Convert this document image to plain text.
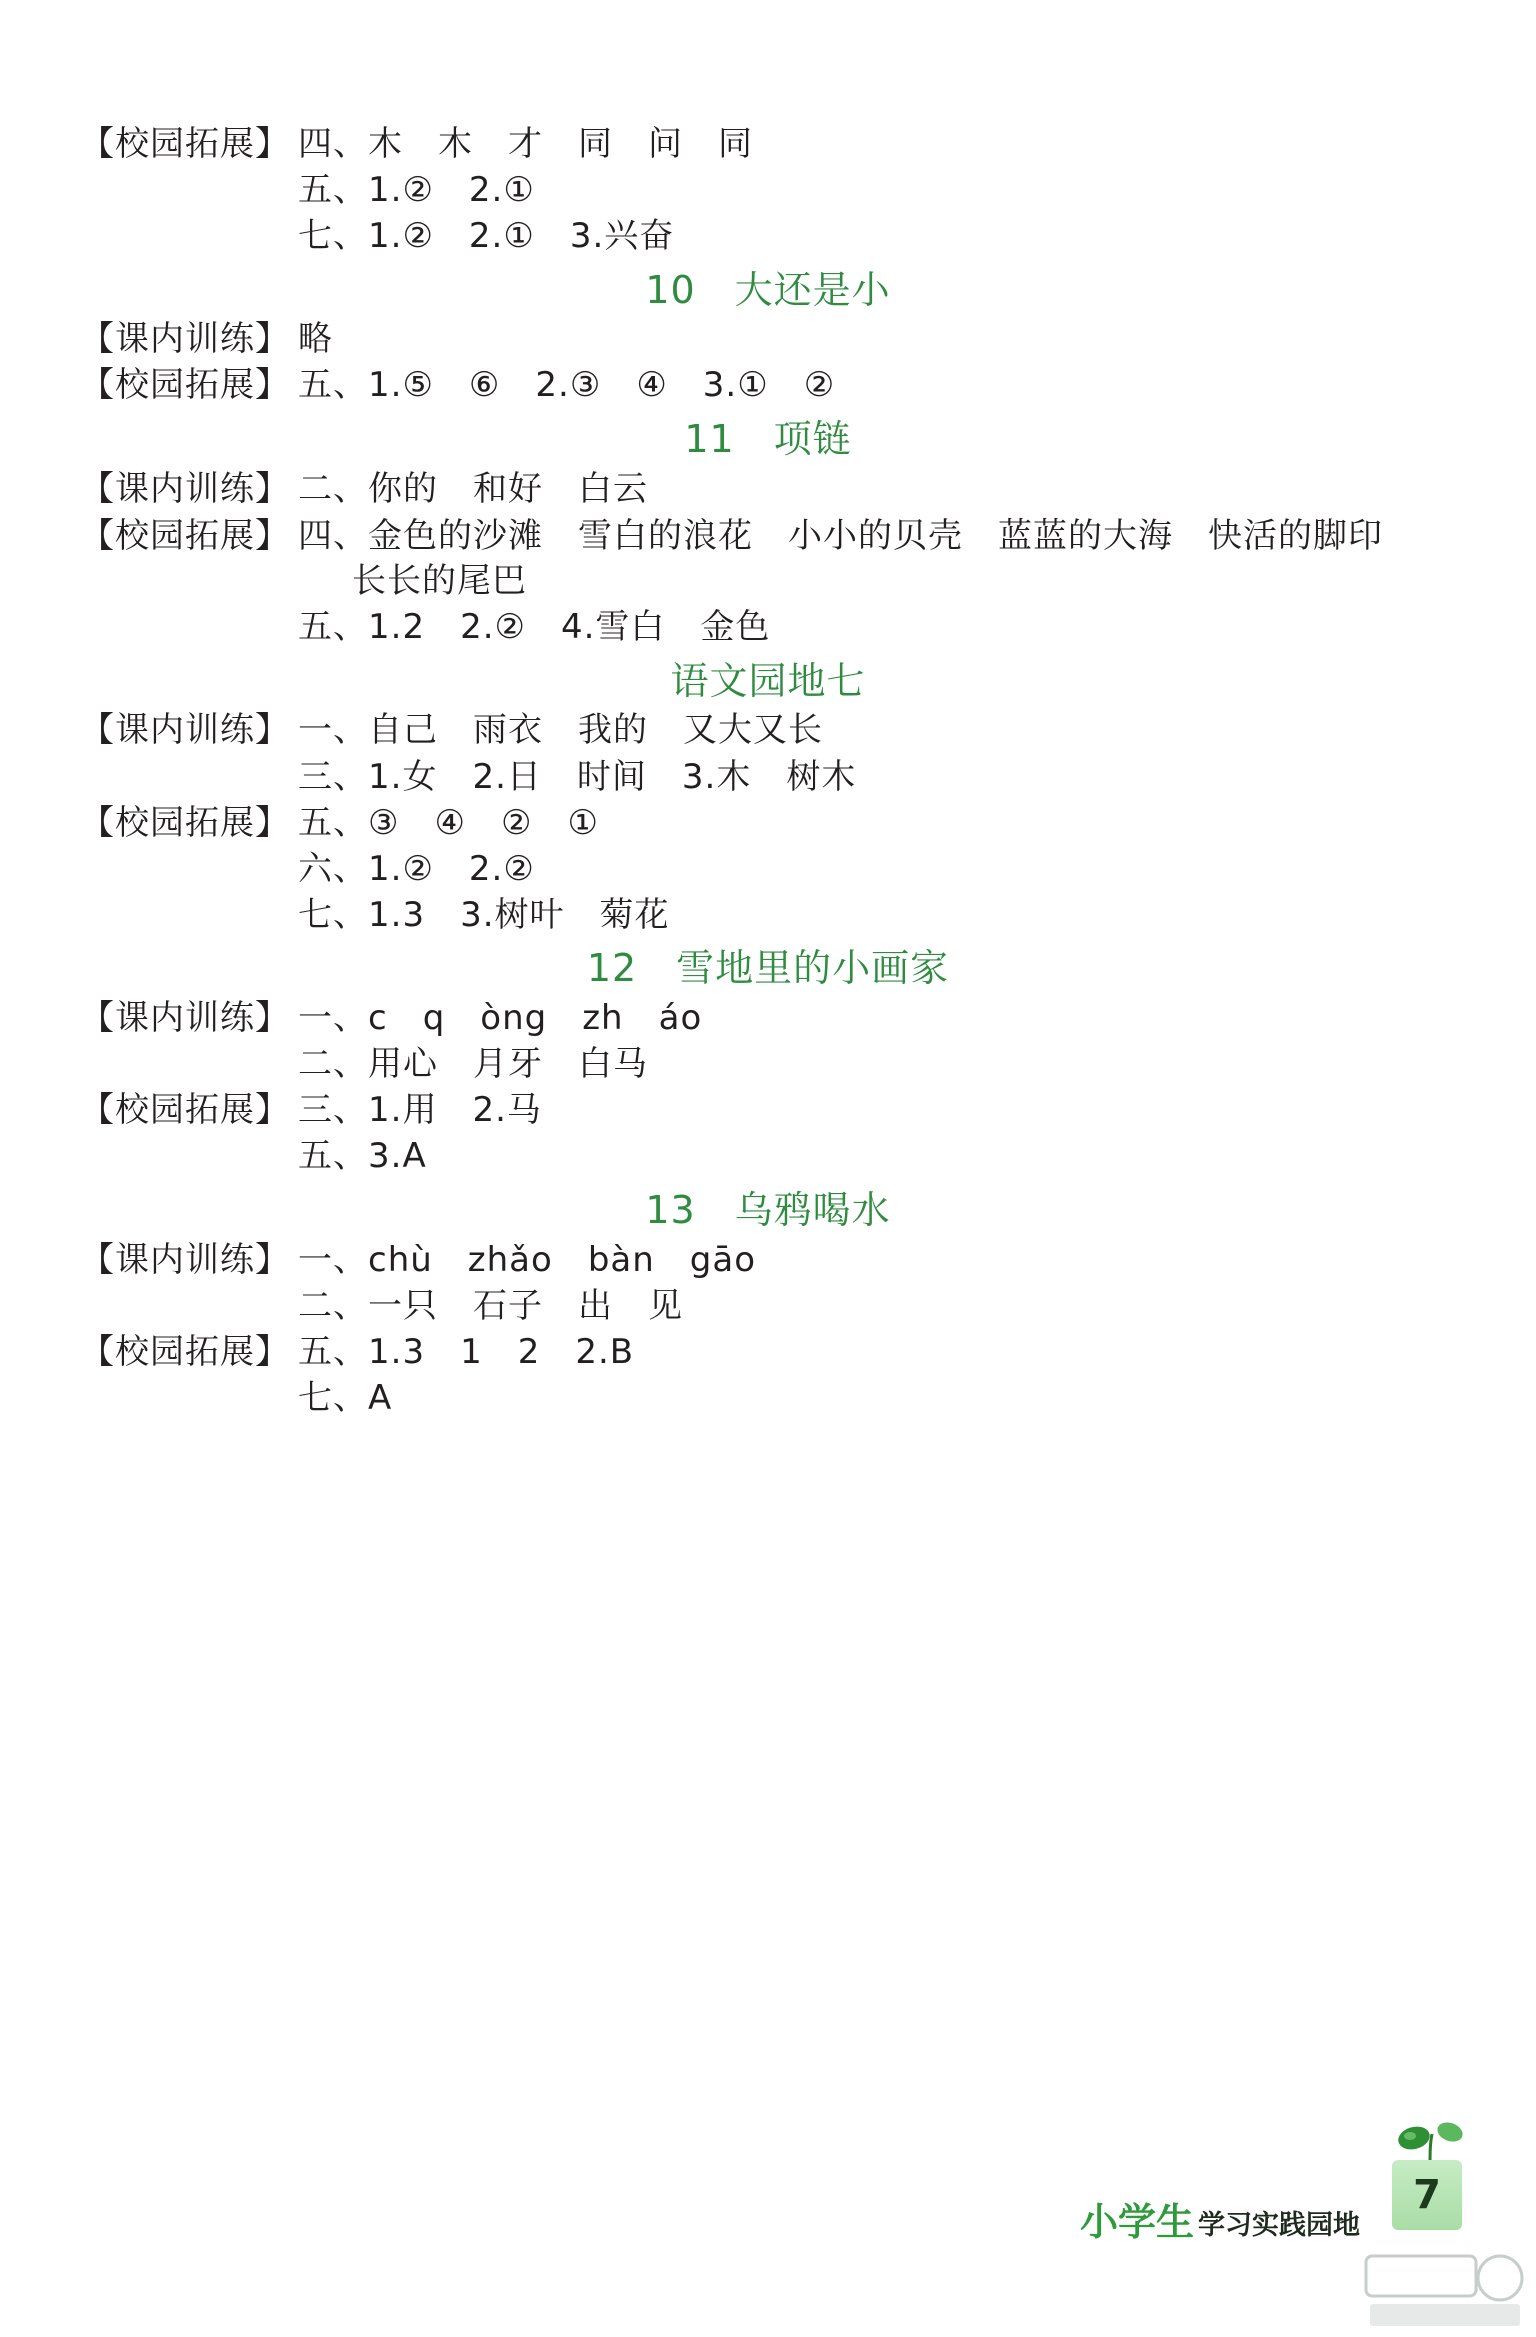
【校园拓展】 四、木　木　才　同　问　同
五、1.②　2.①
七、1.②　2.①　3.兴奋
10　大还是小
【课内训练】 略
【校园拓展】 五、1.⑤　⑥　2.③　④　3.①　②
11　项链
【课内训练】 二、你的　和好　白云
【校园拓展】 四、金色的沙滩　雪白的浪花　小小的贝壳　蓝蓝的大海　快活的脚印
长长的尾巴
五、1.2　2.②　4.雪白　金色
语文园地七
【课内训练】 一、自己　雨衣　我的　又大又长
三、1.女　2.日　时间　3.木　树木
【校园拓展】 五、③　④　②　①
六、1.②　2.②
七、1.3　3.树叶　菊花
12　雪地里的小画家
【课内训练】 一、c　q　òng　zh　áo
二、用心　月牙　白马
【校园拓展】 三、1.用　2.马
五、3.A
13　乌鸦喝水
【课内训练】 一、chù　zhǎo　bàn　gāo
二、一只　石子　出　见
【校园拓展】 五、1.3　1　2　2.B
七、A
小学生 学习实践园地
7
